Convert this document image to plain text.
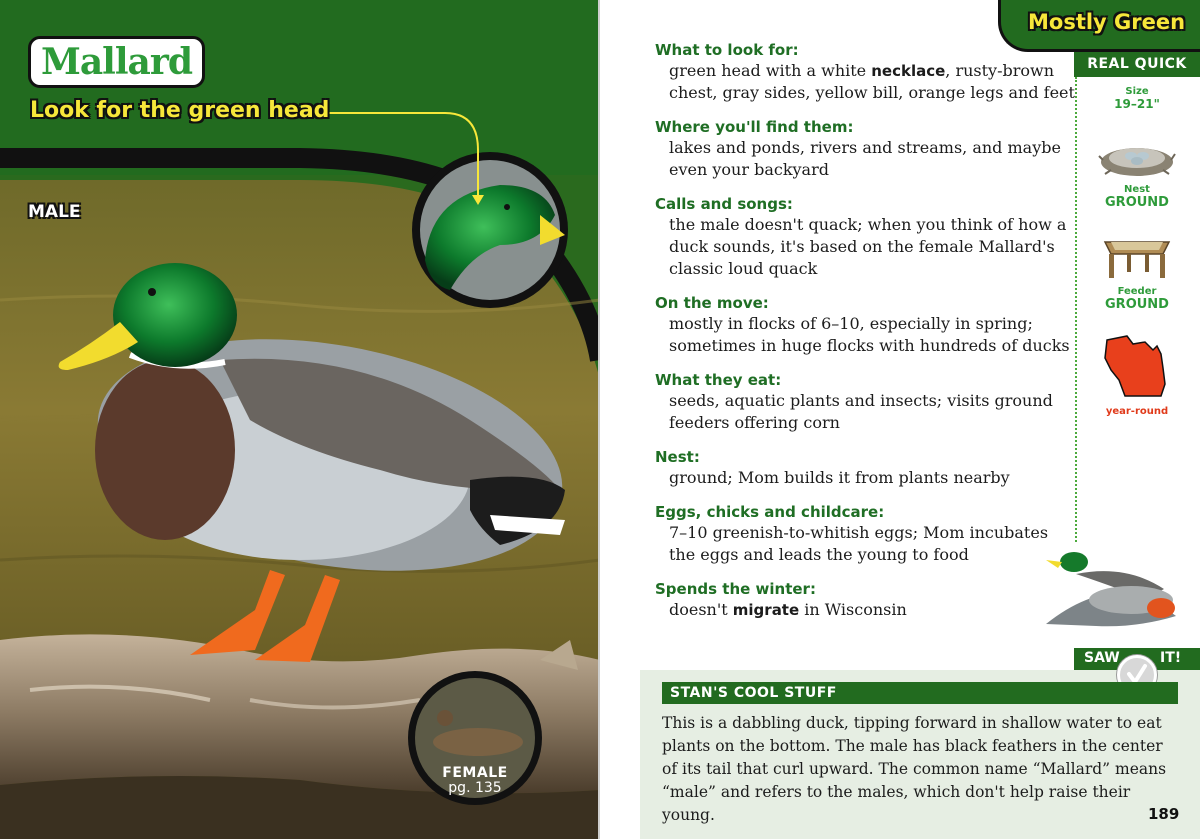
Mallard
Look for the green head
MALE
FEMALE
pg. 135
Mostly Green
REAL QUICK
Size
19–21"
Nest
GROUND
Feeder
GROUND
year-round
What to look for:
green head with a white necklace, rusty-brown chest, gray sides, yellow bill, orange legs and feet
Where you'll find them:
lakes and ponds, rivers and streams, and maybe even your backyard
Calls and songs:
the male doesn't quack; when you think of how a duck sounds, it's based on the female Mallard's classic loud quack
On the move:
mostly in flocks of 6–10, especially in spring; sometimes in huge flocks with hundreds of ducks
What they eat:
seeds, aquatic plants and insects; visits ground feeders offering corn
Nest:
ground; Mom builds it from plants nearby
Eggs, chicks and childcare:
7–10 greenish-to-whitish eggs; Mom incubates the eggs and leads the young to food
Spends the winter:
doesn't migrate in Wisconsin
SAW	IT!
STAN'S COOL STUFF
This is a dabbling duck, tipping forward in shallow water to eat plants on the bottom. The male has black feathers in the center of its tail that curl upward. The common name “Mallard” means “male” and refers to the males, which don't help raise their young.	189
